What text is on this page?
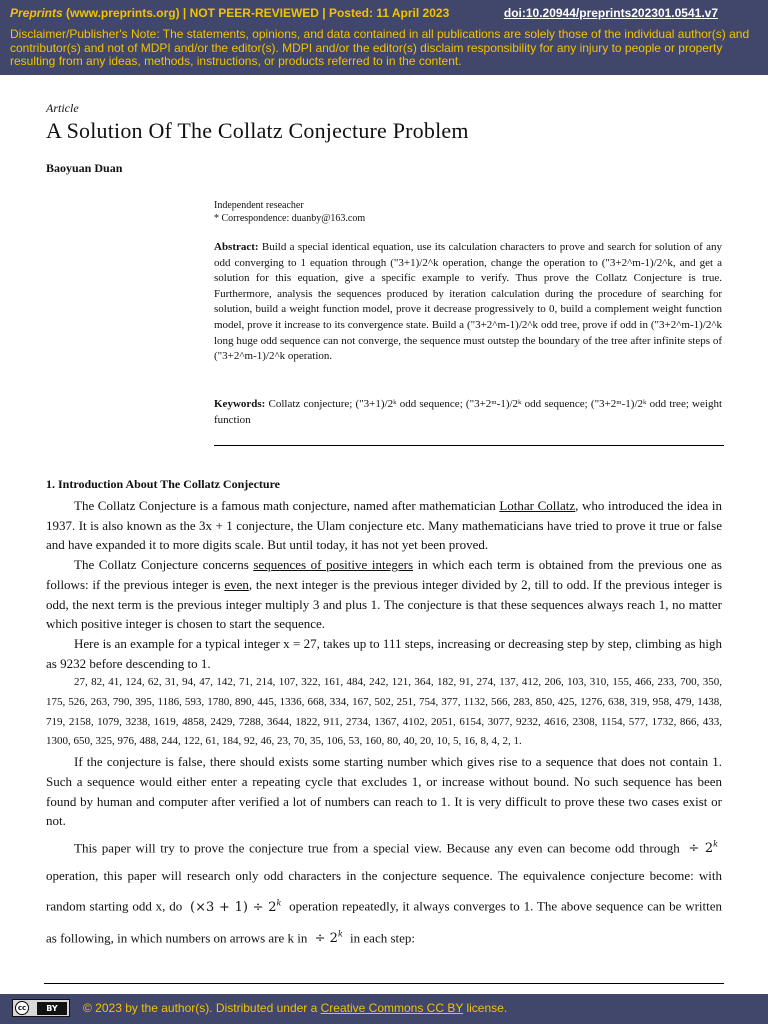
Preprints (www.preprints.org) | NOT PEER-REVIEWED | Posted: 11 April 2023	doi:10.20944/preprints202301.0541.v7
Disclaimer/Publisher's Note: The statements, opinions, and data contained in all publications are solely those of the individual author(s) and contributor(s) and not of MDPI and/or the editor(s). MDPI and/or the editor(s) disclaim responsibility for any injury to people or property resulting from any ideas, methods, instructions, or products referred to in the content.
Article
A Solution Of The Collatz Conjecture Problem
Baoyuan Duan
Independent reseacher
* Correspondence: duanby@163.com
Abstract: Build a special identical equation, use its calculation characters to prove and search for solution of any odd converging to 1 equation through ("3+1)/2^k operation, change the operation to ("3+2^m-1)/2^k, and get a solution for this equation, give a specific example to verify. Thus prove the Collatz Conjecture is true. Furthermore, analysis the sequences produced by iteration calculation during the procedure of searching for solution, build a weight function model, prove it decrease progressively to 0, build a complement weight function model, prove it increase to its convergence state. Build a ("3+2^m-1)/2^k odd tree, prove if odd in ("3+2^m-1)/2^k long huge odd sequence can not converge, the sequence must outstep the boundary of the tree after infinite steps of ("3+2^m-1)/2^k operation.
Keywords: Collatz conjecture; ("3+1)/2ᵏ odd sequence; ("3+2ᵐ-1)/2ᵏ odd sequence; ("3+2ᵐ-1)/2ᵏ odd tree; weight function
1. Introduction About The Collatz Conjecture

The Collatz Conjecture is a famous math conjecture, named after mathematician Lothar Collatz, who introduced the idea in 1937. It is also known as the 3x + 1 conjecture, the Ulam conjecture etc. Many mathematicians have tried to prove it true or false and have expanded it to more digits scale. But until today, it has not yet been proved.

The Collatz Conjecture concerns sequences of positive integers in which each term is obtained from the previous one as follows: if the previous integer is even, the next integer is the previous integer divided by 2, till to odd. If the previous integer is odd, the next term is the previous integer multiply 3 and plus 1. The conjecture is that these sequences always reach 1, no matter which positive integer is chosen to start the sequence.

Here is an example for a typical integer x = 27, takes up to 111 steps, increasing or decreasing step by step, climbing as high as 9232 before descending to 1.

27, 82, 41, 124, 62, 31, 94, 47, 142, 71, 214, 107, 322, 161, 484, 242, 121, 364, 182, 91, 274, 137, 412, 206, 103, 310, 155, 466, 233, 700, 350, 175, 526, 263, 790, 395, 1186, 593, 1780, 890, 445, 1336, 668, 334, 167, 502, 251, 754, 377, 1132, 566, 283, 850, 425, 1276, 638, 319, 958, 479, 1438, 719, 2158, 1079, 3238, 1619, 4858, 2429, 7288, 3644, 1822, 911, 2734, 1367, 4102, 2051, 6154, 3077, 9232, 4616, 2308, 1154, 577, 1732, 866, 433, 1300, 650, 325, 976, 488, 244, 122, 61, 184, 92, 46, 23, 70, 35, 106, 53, 160, 80, 40, 20, 10, 5, 16, 8, 4, 2, 1.

If the conjecture is false, there should exists some starting number which gives rise to a sequence that does not contain 1. Such a sequence would either enter a repeating cycle that excludes 1, or increase without bound. No such sequence has been found by human and computer after verified a lot of numbers can reach to 1. It is very difficult to prove these two cases exist or not.

This paper will try to prove the conjecture true from a special view. Because any even can become odd through ÷ $2^k$ operation, this paper will research only odd characters in the conjecture sequence. The equivalence conjecture become: with random starting odd x, do $(\times 3 + 1) \div 2^k$ operation repeatedly, it always converges to 1. The above sequence can be written as following, in which numbers on arrows are k in ÷ $2^k$ in each step:

cc	BY	© 2023 by the author(s). Distributed under a Creative Commons CC BY license.
